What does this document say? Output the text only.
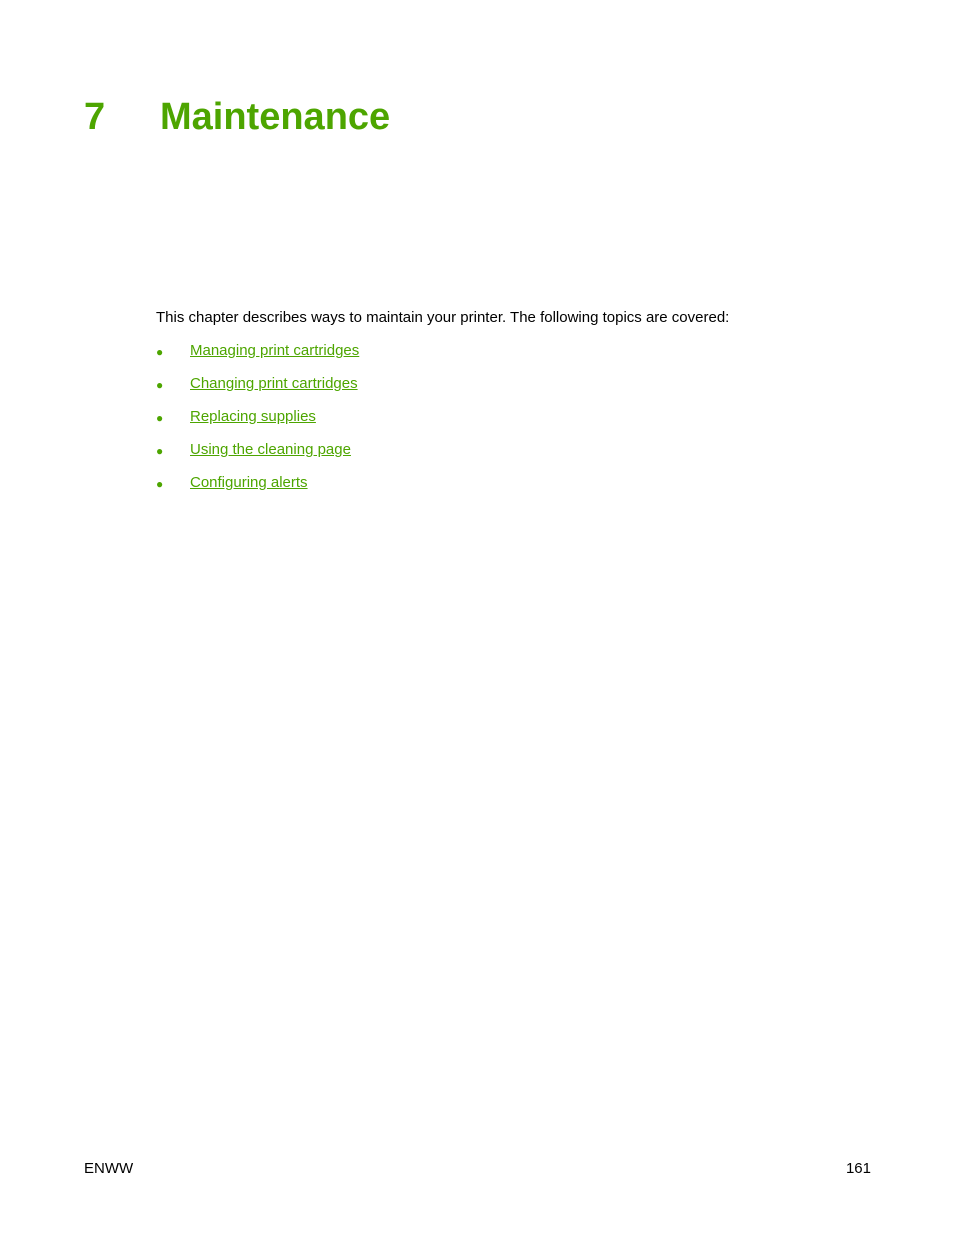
7 Maintenance

This chapter describes ways to maintain your printer. The following topics are covered:

● Managing print cartridges
● Changing print cartridges
● Replacing supplies
● Using the cleaning page
● Configuring alerts
ENWW	161
